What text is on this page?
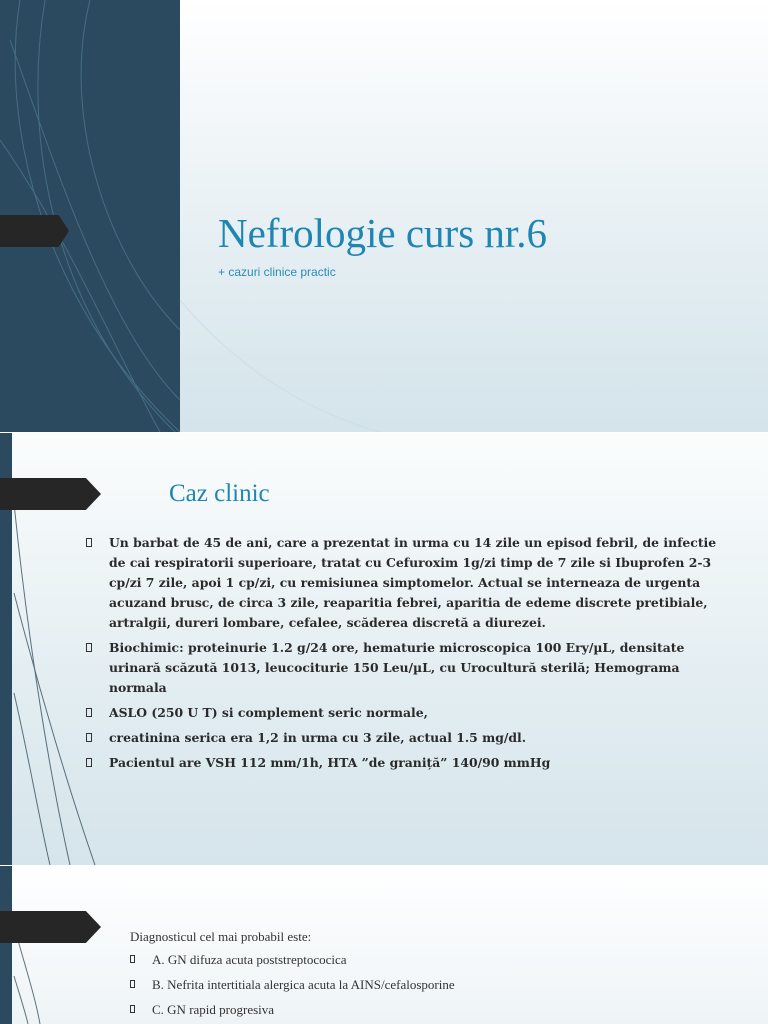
Nefrologie curs nr.6

+ cazuri clinice practic

Caz clinic
Un barbat de 45 de ani, care a prezentat in urma cu 14 zile un episod febril, de infectie de cai respiratorii superioare, tratat cu Cefuroxim 1g/zi timp de 7 zile si Ibuprofen 2-3 cp/zi 7 zile, apoi 1 cp/zi, cu remisiunea simptomelor. Actual se interneaza de urgenta acuzand brusc, de circa 3 zile, reaparitia febrei, aparitia de edeme discrete pretibiale, artralgii, dureri lombare, cefalee, scăderea discretă a diurezei.
Biochimic: proteinurie 1.2 g/24 ore, hematurie microscopica 100 Ery/µL, densitate urinară scăzută 1013, leucociturie 150 Leu/µL, cu Urocultură sterilă; Hemograma normala
ASLO (250 U T) si complement seric normale,
creatinina serica era 1,2 in urma cu 3 zile, actual 1.5 mg/dl.
Pacientul are VSH 112 mm/1h, HTA ”de graniță” 140/90 mmHg

Diagnosticul cel mai probabil este:

A. GN difuza acuta poststreptococica
B. Nefrita intertitiala alergica acuta la AINS/cefalosporine
C. GN rapid progresiva
